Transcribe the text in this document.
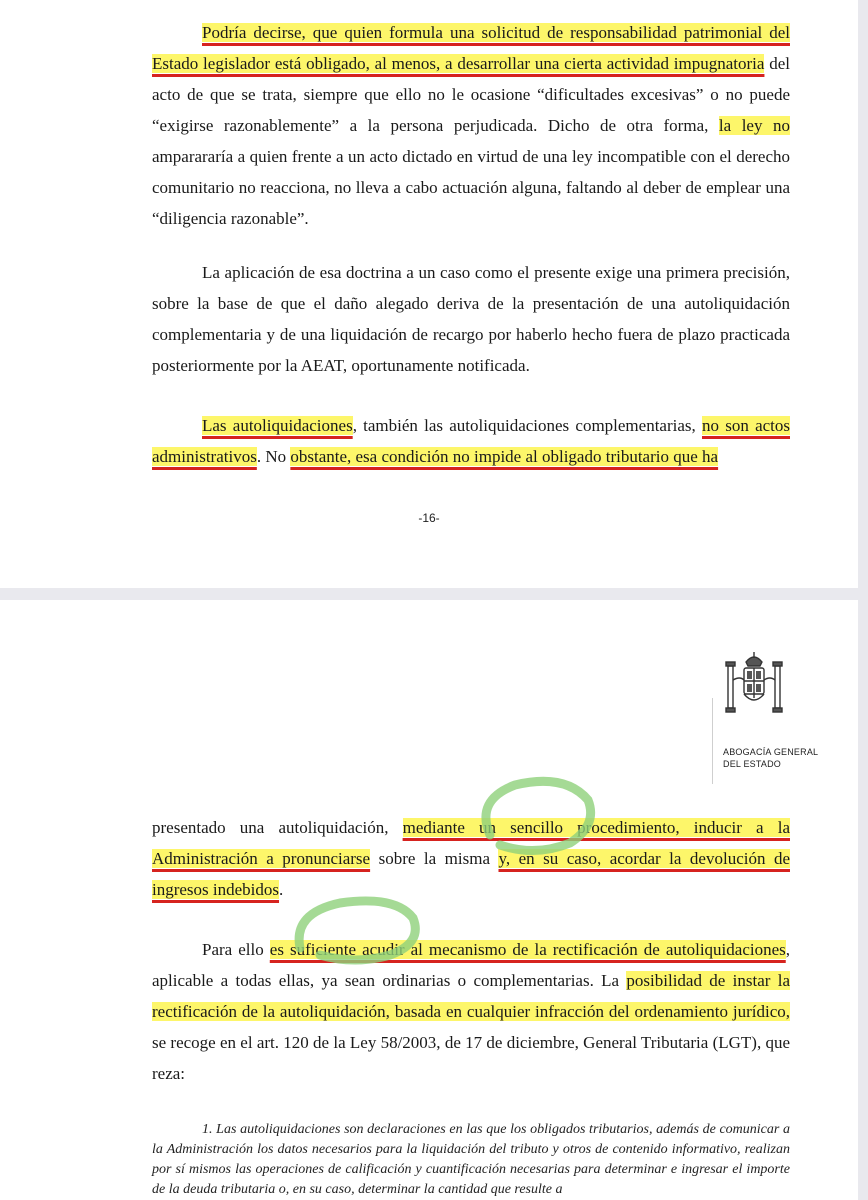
Podría decirse, que quien formula una solicitud de responsabilidad patrimonial del Estado legislador está obligado, al menos, a desarrollar una cierta actividad impugnatoria del acto de que se trata, siempre que ello no le ocasione “dificultades excesivas” o no puede “exigirse razonablemente” a la persona perjudicada. Dicho de otra forma, la ley no amparararía a quien frente a un acto dictado en virtud de una ley incompatible con el derecho comunitario no reacciona, no lleva a cabo actuación alguna, faltando al deber de emplear una “diligencia razonable”.

La aplicación de esa doctrina a un caso como el presente exige una primera precisión, sobre la base de que el daño alegado deriva de la presentación de una autoliquidación complementaria y de una liquidación de recargo por haberlo hecho fuera de plazo practicada posteriormente por la AEAT, oportunamente notificada.

Las autoliquidaciones, también las autoliquidaciones complementarias, no son actos administrativos. No obstante, esa condición no impide al obligado tributario que ha

-16-
ABOGACÍA GENERAL
DEL ESTADO

presentado una autoliquidación, mediante un sencillo procedimiento, inducir a la Administración a pronunciarse sobre la misma y, en su caso, acordar la devolución de ingresos indebidos.

Para ello es suficiente acudir al mecanismo de la rectificación de autoliquidaciones, aplicable a todas ellas, ya sean ordinarias o complementarias. La posibilidad de instar la rectificación de la autoliquidación, basada en cualquier infracción del ordenamiento jurídico, se recoge en el art. 120 de la Ley 58/2003, de 17 de diciembre, General Tributaria (LGT), que reza:

1. Las autoliquidaciones son declaraciones en las que los obligados tributarios, además de comunicar a la Administración los datos necesarios para la liquidación del tributo y otros de contenido informativo, realizan por sí mismos las operaciones de calificación y cuantificación necesarias para determinar e ingresar el importe de la deuda tributaria o, en su caso, determinar la cantidad que resulte a
